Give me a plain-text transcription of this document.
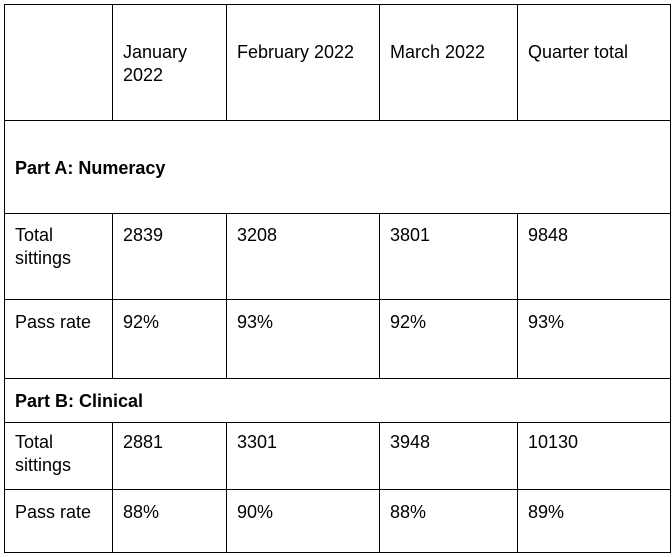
	January 2022	February 2022	March 2022	Quarter total
Part A: Numeracy				
Total sittings	2839	3208	3801	9848
Pass rate	92%	93%	92%	93%
Part B: Clinical				
Total sittings	2881	3301	3948	10130
Pass rate	88%	90%	88%	89%
